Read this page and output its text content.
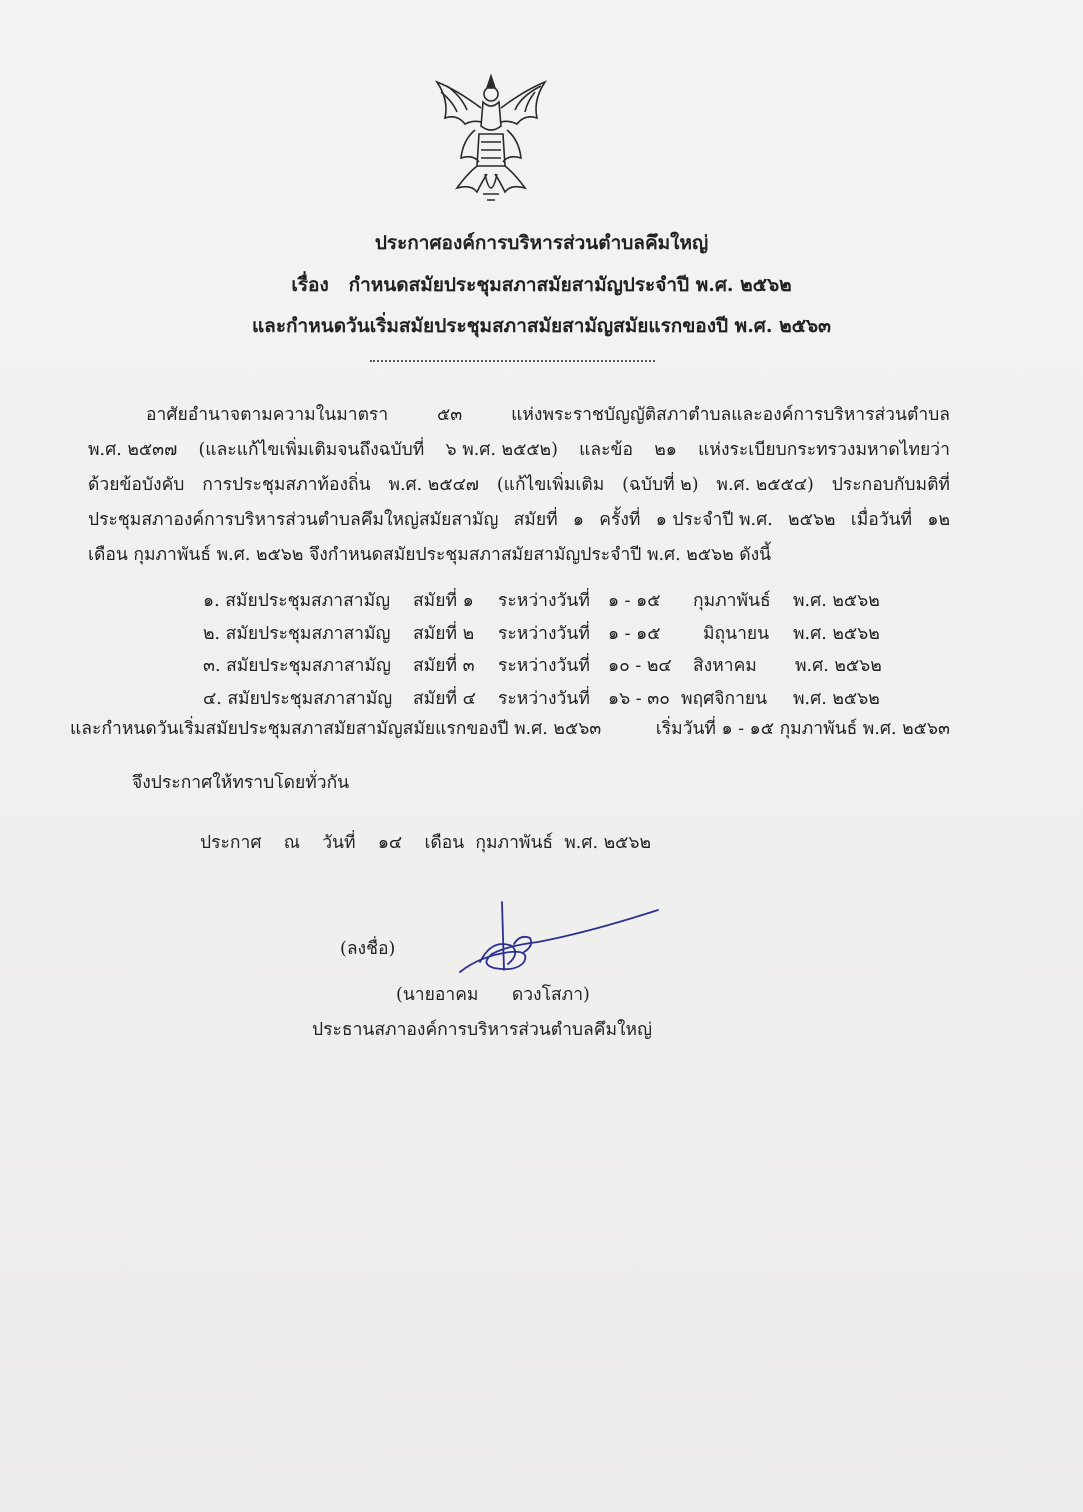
ประกาศองค์การบริหารส่วนตำบลคึมใหญ่
เรื่อง กำหนดสมัยประชุมสภาสมัยสามัญประจำปี พ.ศ. ๒๕๖๒
และกำหนดวันเริ่มสมัยประชุมสภาสมัยสามัญสมัยแรกของปี พ.ศ. ๒๕๖๓
อาศัยอำนาจตามความในมาตรา	๕๓	แห่งพระราชบัญญัติสภาตำบลและองค์การบริหารส่วนตำบล
พ.ศ. ๒๕๓๗ (และแก้ไขเพิ่มเติมจนถึงฉบับที่ ๖ พ.ศ. ๒๕๕๒) และข้อ ๒๑ แห่งระเบียบกระทรวงมหาดไทยว่า
ด้วยข้อบังคับ การประชุมสภาท้องถิ่น พ.ศ. ๒๕๔๗ (แก้ไขเพิ่มเติม (ฉบับที่ ๒) พ.ศ. ๒๕๕๔) ประกอบกับมติที่
ประชุมสภาองค์การบริหารส่วนตำบลคึมใหญ่สมัยสามัญ สมัยที่ ๑ ครั้งที่ ๑ ประจำปี พ.ศ. ๒๕๖๒ เมื่อวันที่ ๑๒
เดือน กุมภาพันธ์ พ.ศ. ๒๕๖๒ จึงกำหนดสมัยประชุมสภาสมัยสามัญประจำปี พ.ศ. ๒๕๖๒ ดังนี้
๑. สมัยประชุมสภาสามัญ สมัยที่ ๑ ระหว่างวันที่ ๑ - ๑๕ กุมภาพันธ์ พ.ศ. ๒๕๖๒
๒. สมัยประชุมสภาสามัญ สมัยที่ ๒ ระหว่างวันที่ ๑ - ๑๕ มิถุนายน พ.ศ. ๒๕๖๒
๓. สมัยประชุมสภาสามัญ สมัยที่ ๓ ระหว่างวันที่ ๑๐ - ๒๔ สิงหาคม พ.ศ. ๒๕๖๒
๔. สมัยประชุมสภาสามัญ สมัยที่ ๔ ระหว่างวันที่ ๑๖ - ๓๐ พฤศจิกายน พ.ศ. ๒๕๖๒
และกำหนดวันเริ่มสมัยประชุมสภาสมัยสามัญสมัยแรกของปี พ.ศ. ๒๕๖๓	เริ่มวันที่ ๑ - ๑๕ กุมภาพันธ์ พ.ศ. ๒๕๖๓
จึงประกาศให้ทราบโดยทั่วกัน
ประกาศ ณ วันที่ ๑๔ เดือน กุมภาพันธ์ พ.ศ. ๒๕๖๒
(ลงชื่อ)
(นายอาคม ดวงโสภา)
ประธานสภาองค์การบริหารส่วนตำบลคึมใหญ่
